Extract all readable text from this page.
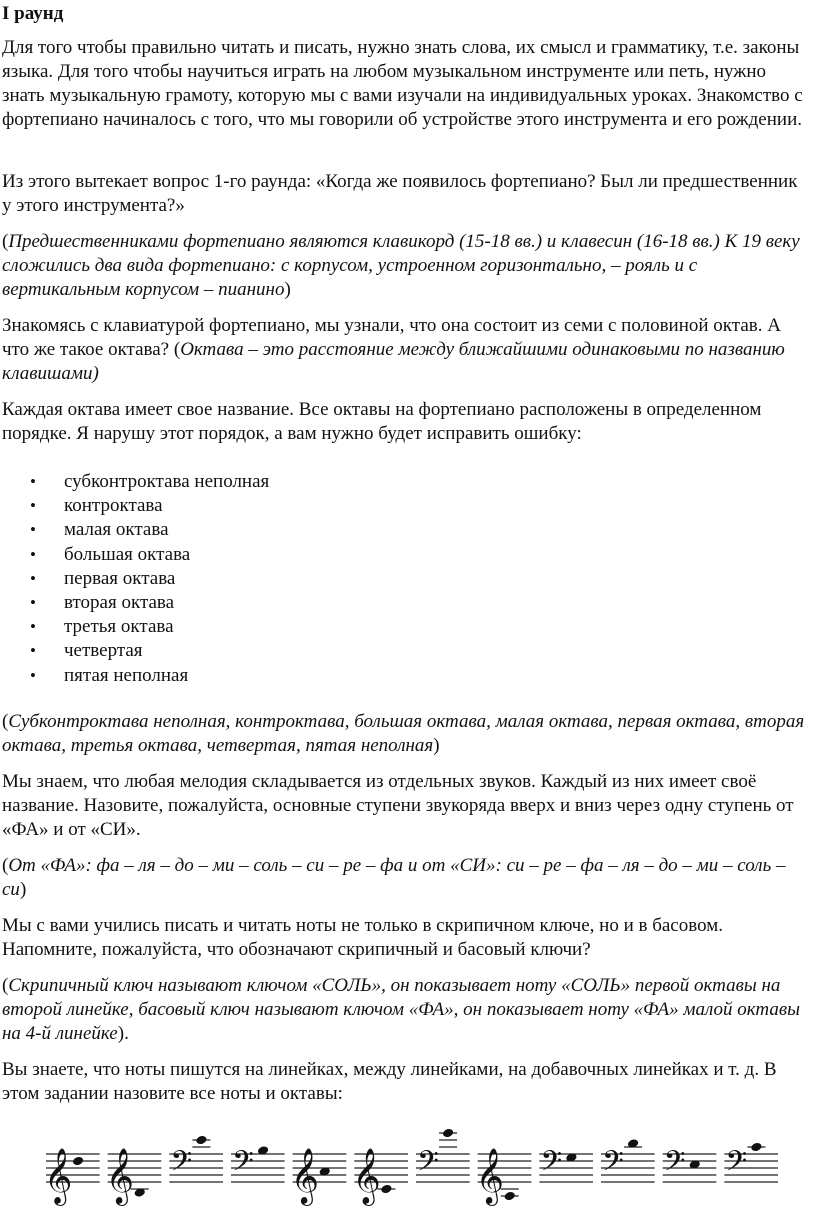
I раунд

Для того чтобы правильно читать и писать, нужно знать слова, их смысл и грамматику, т.е. законы языка. Для того чтобы научиться играть на любом музыкальном инструменте или петь, нужно знать музыкальную грамоту, которую мы с вами изучали на индивидуальных уроках. Знакомство с фортепиано начиналось с того, что мы говорили об устройстве этого инструмента и его рождении.

Из этого вытекает вопрос 1-го раунда: «Когда же появилось фортепиано? Был ли предшественник у этого инструмента?»

(Предшественниками фортепиано являются клавикорд (15-18 вв.) и клавесин (16-18 вв.) К 19 веку сложились два вида фортепиано: с корпусом, устроенном горизонтально, – рояль и с вертикальным корпусом – пианино)

Знакомясь с клавиатурой фортепиано, мы узнали, что она состоит из семи с половиной октав. А что же такое октава? (Октава – это расстояние между ближайшими одинаковыми по названию клавишами)

Каждая октава имеет свое название. Все октавы на фортепиано расположены в определенном порядке. Я нарушу этот порядок, а вам нужно будет исправить ошибку:

• субконтроктава неполная
• контроктава
• малая октава
• большая октава
• первая октава
• вторая октава
• третья октава
• четвертая
• пятая неполная

(Субконтроктава неполная, контроктава, большая октава, малая октава, первая октава, вторая октава, третья октава, четвертая, пятая неполная)

Мы знаем, что любая мелодия складывается из отдельных звуков. Каждый из них имеет своё название. Назовите, пожалуйста, основные ступени звукоряда вверх и вниз через одну ступень от «ФА» и от «СИ».

(От «ФА»: фа – ля – до – ми – соль – си – ре – фа и от «СИ»: си – ре – фа – ля – до – ми – соль – си)

Мы с вами учились писать и читать ноты не только в скрипичном ключе, но и в басовом. Напомните, пожалуйста, что обозначают скрипичный и басовый ключи?

(Скрипичный ключ называют ключом «СОЛЬ», он показывает ноту «СОЛЬ» первой октавы на второй линейке, басовый ключ называют ключом «ФА», он показывает ноту «ФА» малой октавы на 4-й линейке).

Вы знаете, что ноты пишутся на линейках, между линейками, на добавочных линейках и т. д. В этом задании назовите все ноты и октавы:

𝄞 𝄞 𝄢 𝄢 𝄞 𝄞 𝄢 𝄞 𝄢 𝄢 𝄢 𝄢
